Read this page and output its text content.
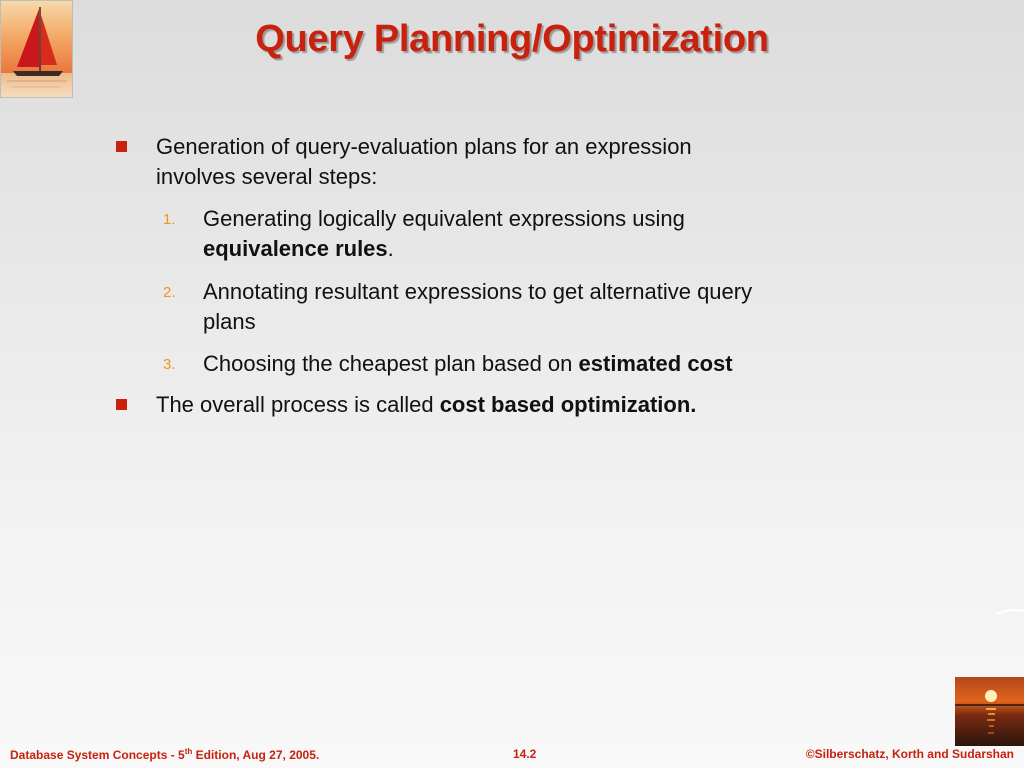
Query Planning/Optimization
Generation of query-evaluation plans for an expression
involves several steps:
1. Generating logically equivalent expressions using
equivalence rules.
2. Annotating resultant expressions to get alternative query
plans
3. Choosing the cheapest plan based on estimated cost
The overall process is called cost based optimization.
Database System Concepts - 5th Edition, Aug 27, 2005.	14.2	©Silberschatz, Korth and Sudarshan
